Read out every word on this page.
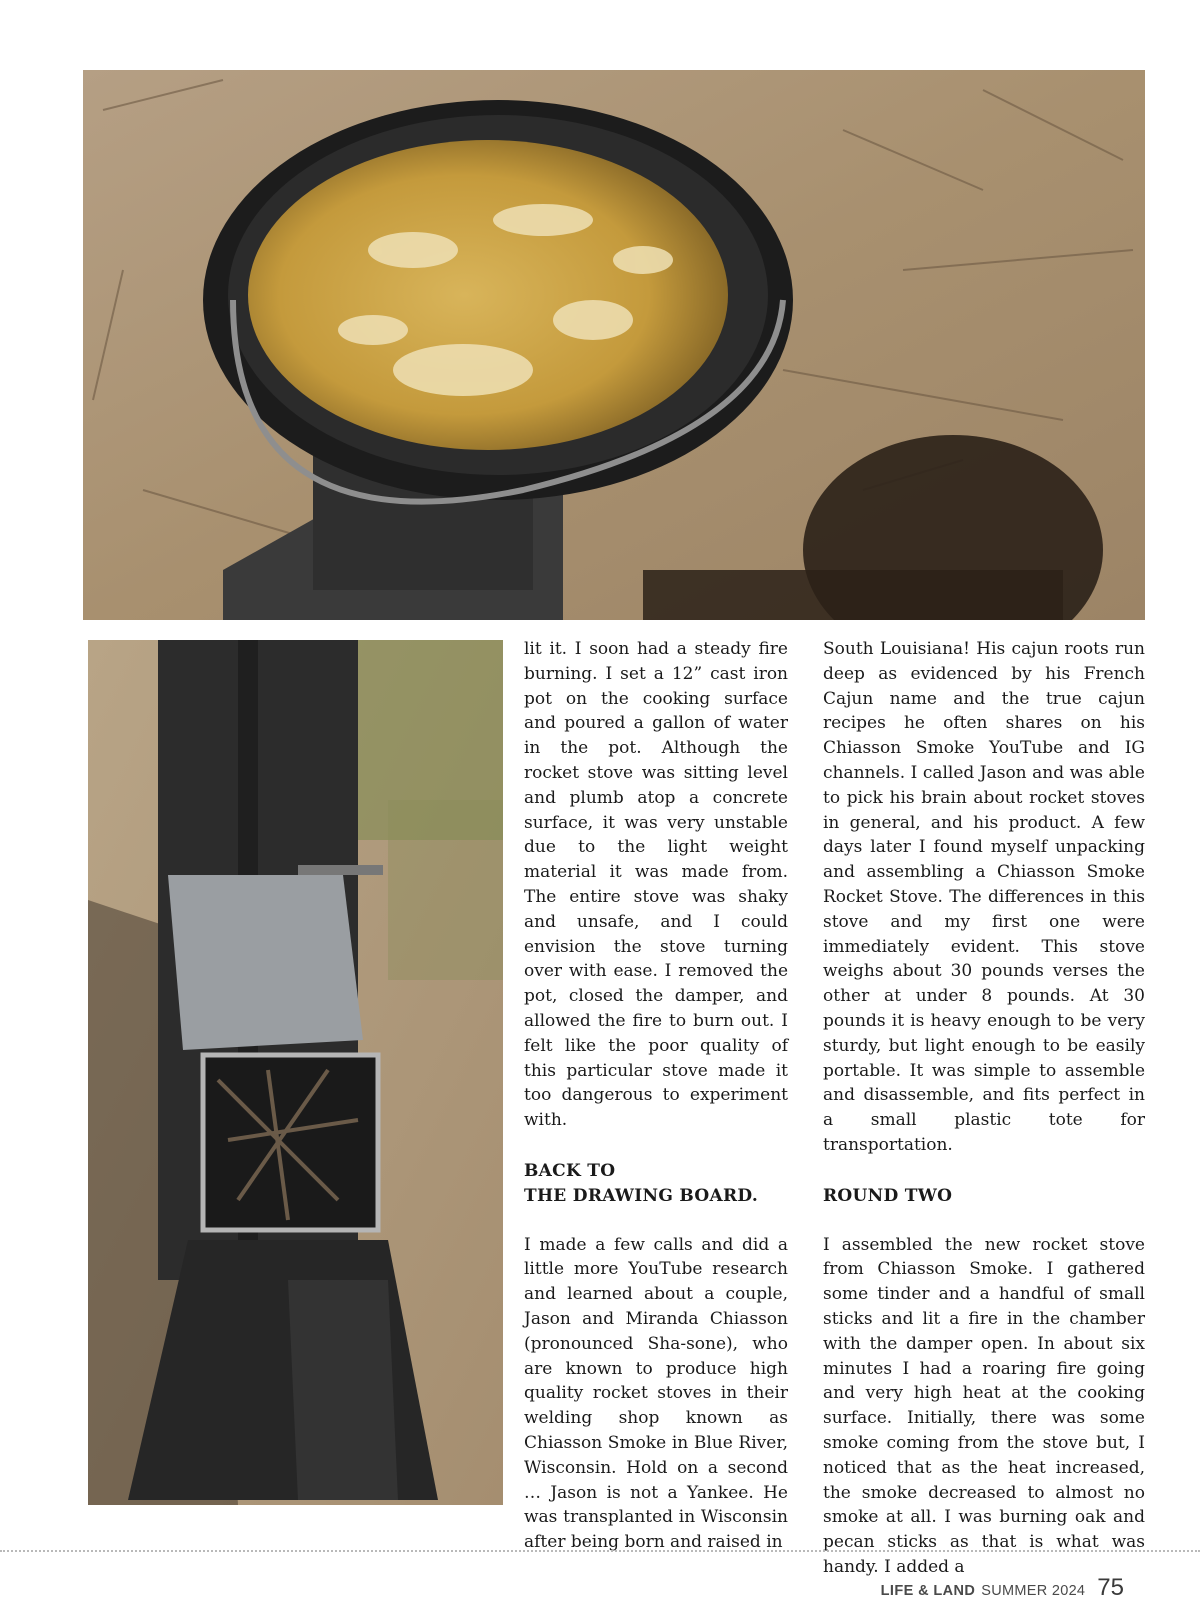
lit it. I soon had a steady fire burning. I set a 12” cast iron pot on the cooking surface and poured a gallon of water in the pot. Although the rocket stove was sitting level and plumb atop a concrete surface, it was very unstable due to the light weight material it was made from. The entire stove was shaky and unsafe, and I could envision the stove turning over with ease. I removed the pot, closed the damper, and allowed the fire to burn out. I felt like the poor quality of this particular stove made it too dangerous to experiment with.

BACK TO
THE DRAWING BOARD.

I made a few calls and did a little more YouTube research and learned about a couple, Jason and Miranda Chiasson (pronounced Sha-sone), who are known to produce high quality rocket stoves in their welding shop known as Chiasson Smoke in Blue River, Wisconsin. Hold on a second … Jason is not a Yankee. He was transplanted in Wisconsin after being born and raised in

South Louisiana! His cajun roots run deep as evidenced by his French Cajun name and the true cajun recipes he often shares on his Chiasson Smoke YouTube and IG channels. I called Jason and was able to pick his brain about rocket stoves in general, and his product. A few days later I found myself unpacking and assembling a Chiasson Smoke Rocket Stove. The differences in this stove and my first one were immediately evident. This stove weighs about 30 pounds verses the other at under 8 pounds. At 30 pounds it is heavy enough to be very sturdy, but light enough to be easily portable. It was simple to assemble and disassemble, and fits perfect in a small plastic tote for transportation.

ROUND TWO

I assembled the new rocket stove from Chiasson Smoke. I gathered some tinder and a handful of small sticks and lit a fire in the chamber with the damper open. In about six minutes I had a roaring fire going and very high heat at the cooking surface. Initially, there was some smoke coming from the stove but, I noticed that as the heat increased, the smoke decreased to almost no smoke at all. I was burning oak and pecan sticks as that is what was handy. I added a

LIFE & LAND SUMMER 2024 75
